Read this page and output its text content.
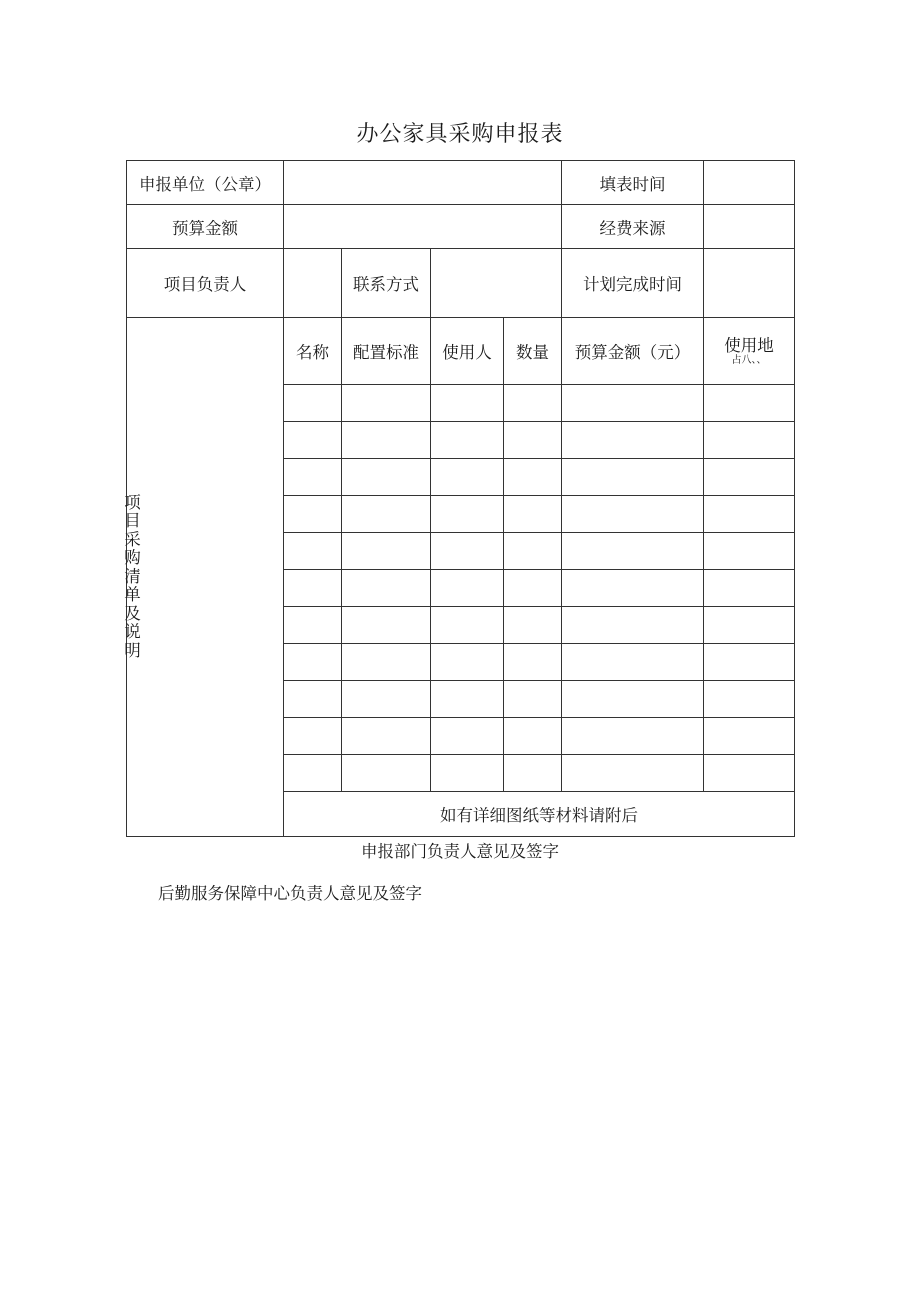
办公家具采购申报表
申报单位（公章）					填表时间	
预算金额					经费来源	
项目负责人		联系方式			计划完成时间	
项目采购清单及说明	名称	配置标准	使用人	数量	预算金额（元）	使用地
占八、、

	如有详细图纸等材料请附后					
申报部门负责人意见及签字
后勤服务保障中心负责人意见及签字
